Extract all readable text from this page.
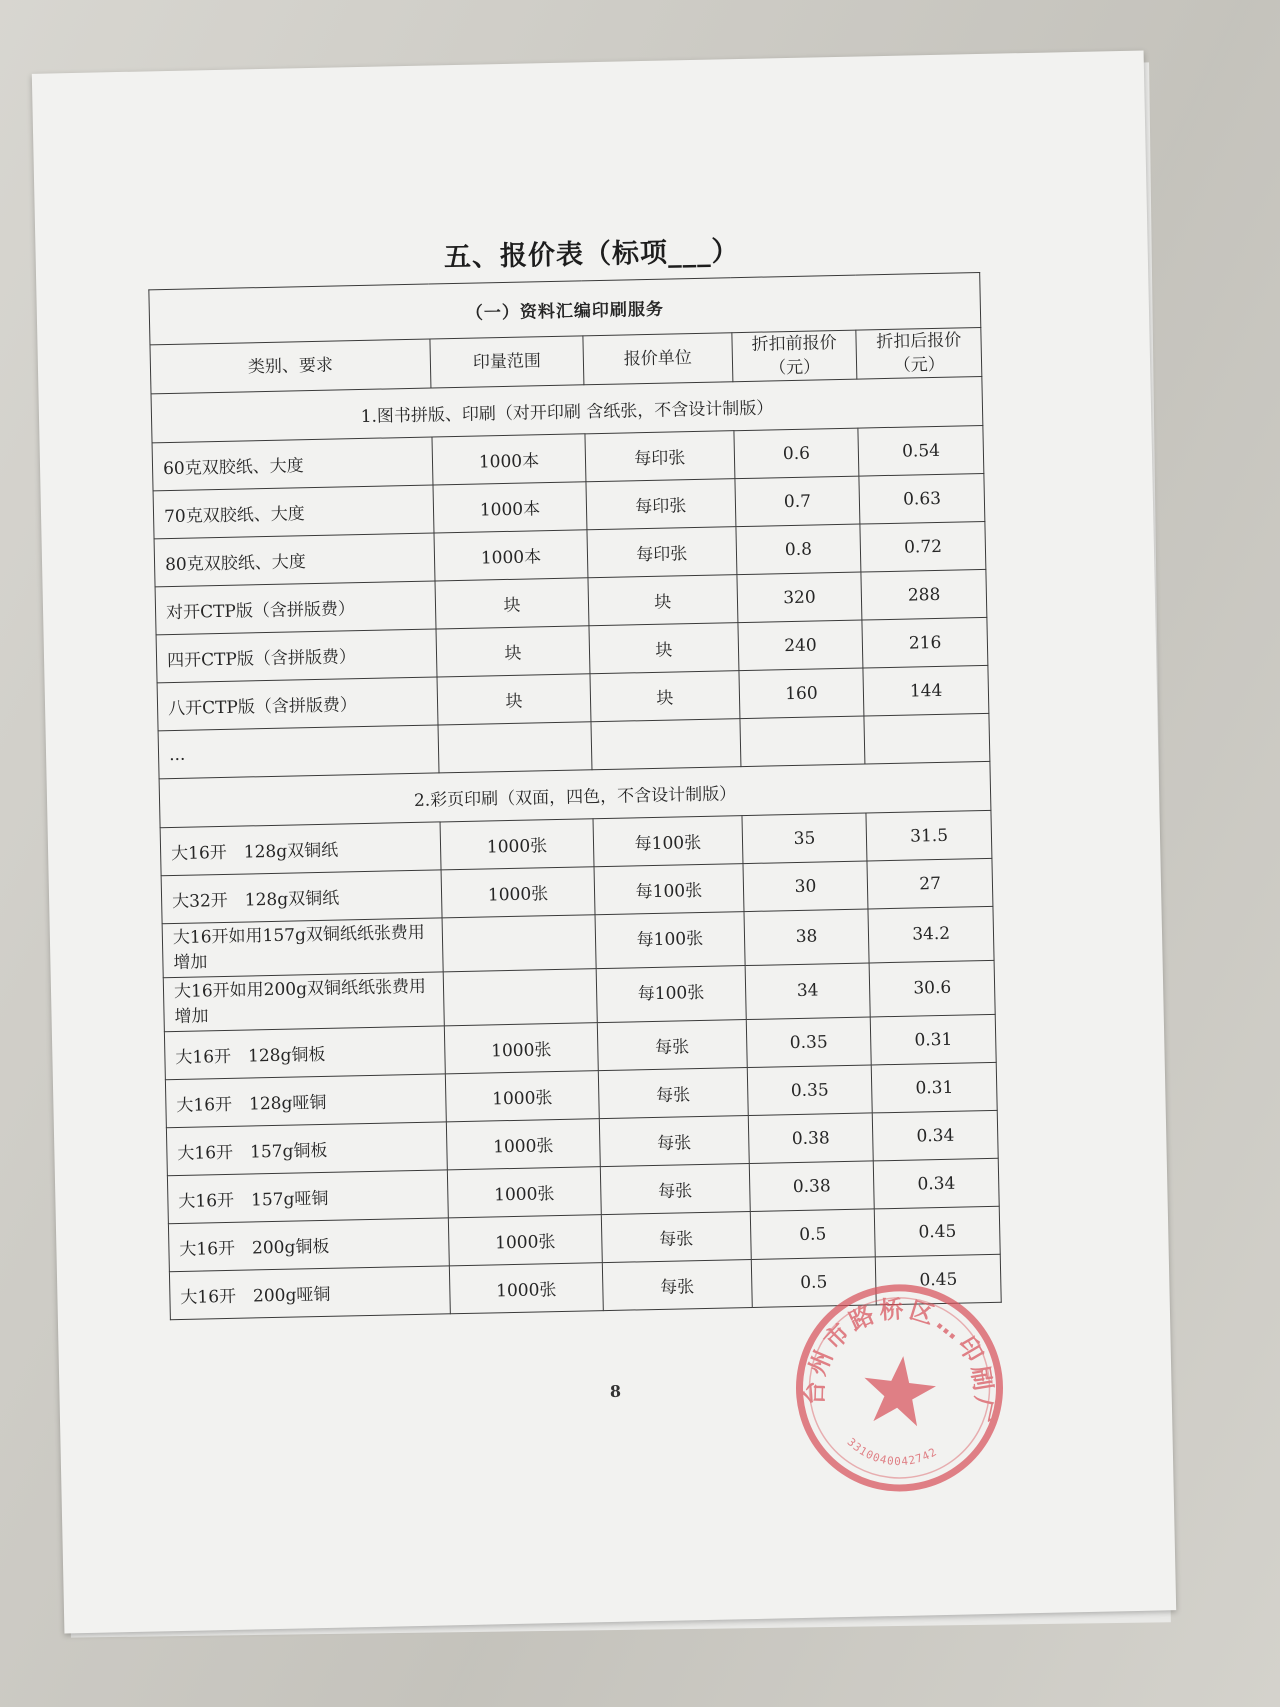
五、报价表（标项___）
（一）资料汇编印刷服务				
类别、要求	印量范围	报价单位	折扣前报价（元）	折扣后报价（元）
1.图书拼版、印刷（对开印刷 含纸张，不含设计制版）				
60克双胶纸、大度	1000本	每印张	0.6	0.54
70克双胶纸、大度	1000本	每印张	0.7	0.63
80克双胶纸、大度	1000本	每印张	0.8	0.72
对开CTP版（含拼版费）	块	块	320	288
四开CTP版（含拼版费）	块	块	240	216
八开CTP版（含拼版费）	块	块	160	144
...				
2.彩页印刷（双面，四色，不含设计制版）				
大16开　128g双铜纸	1000张	每100张	35	31.5
大32开　128g双铜纸	1000张	每100张	30	27
大16开如用157g双铜纸纸张费用增加		每100张	38	34.2
大16开如用200g双铜纸纸张费用增加		每100张	34	30.6
大16开　128g铜板	1000张	每张	0.35	0.31
大16开　128g哑铜	1000张	每张	0.35	0.31
大16开　157g铜板	1000张	每张	0.38	0.34
大16开　157g哑铜	1000张	每张	0.38	0.34
大16开　200g铜板	1000张	每张	0.5	0.45
大16开　200g哑铜	1000张	每张	0.5	0.45
8	台州市路桥区…印刷厂
3310040042742
